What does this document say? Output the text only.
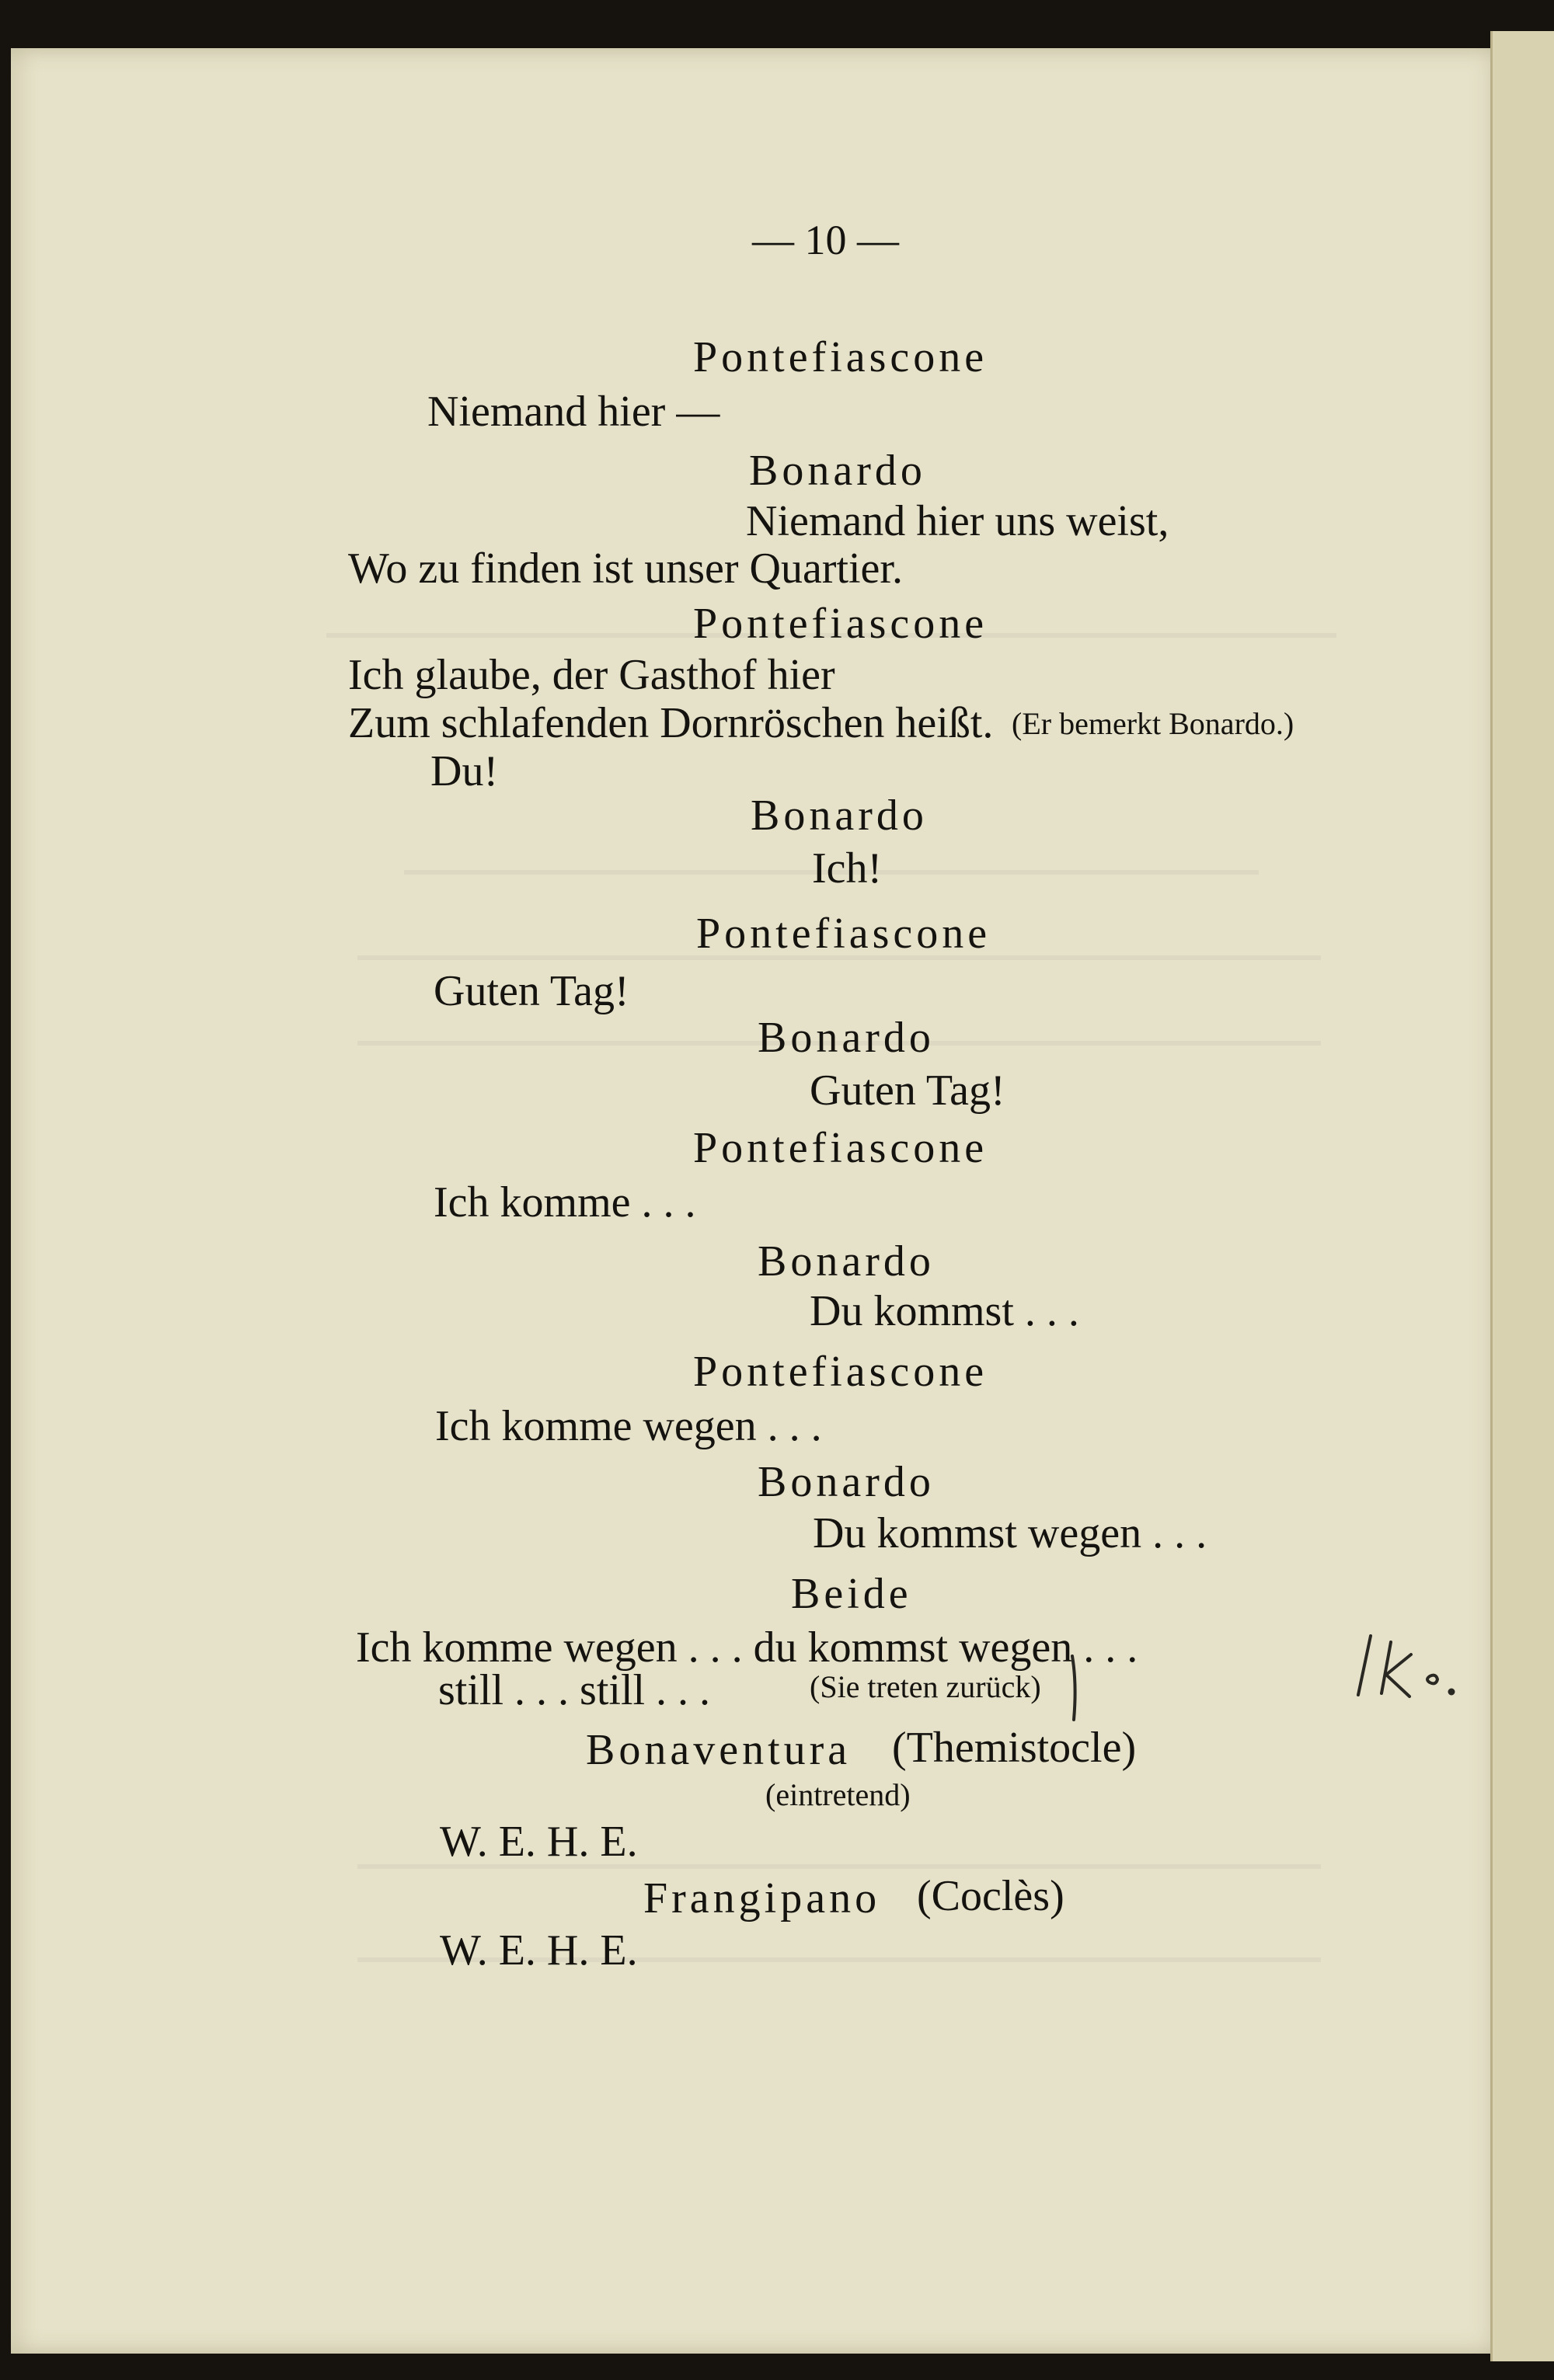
— 10 —
Pontefiascone
Niemand hier —
Bonardo
Niemand hier uns weist,
Wo zu finden ist unser Quartier.
Pontefiascone
Ich glaube, der Gasthof hier
Zum schlafenden Dornröschen heißt. (Er bemerkt Bonardo.)
Du!
Bonardo
Ich!
Pontefiascone
Guten Tag!
Bonardo
Guten Tag!
Pontefiascone
Ich komme . . .
Bonardo
Du kommst . . .
Pontefiascone
Ich komme wegen . . .
Bonardo
Du kommst wegen . . .
Beide
Ich komme wegen . . . du kommst wegen . . .
still . . . still . . .	(Sie treten zurück)
Bonaventura (Themistocle)
(eintretend)
W. E. H. E.
Frangipano (Coclès)
W. E. H. E.
